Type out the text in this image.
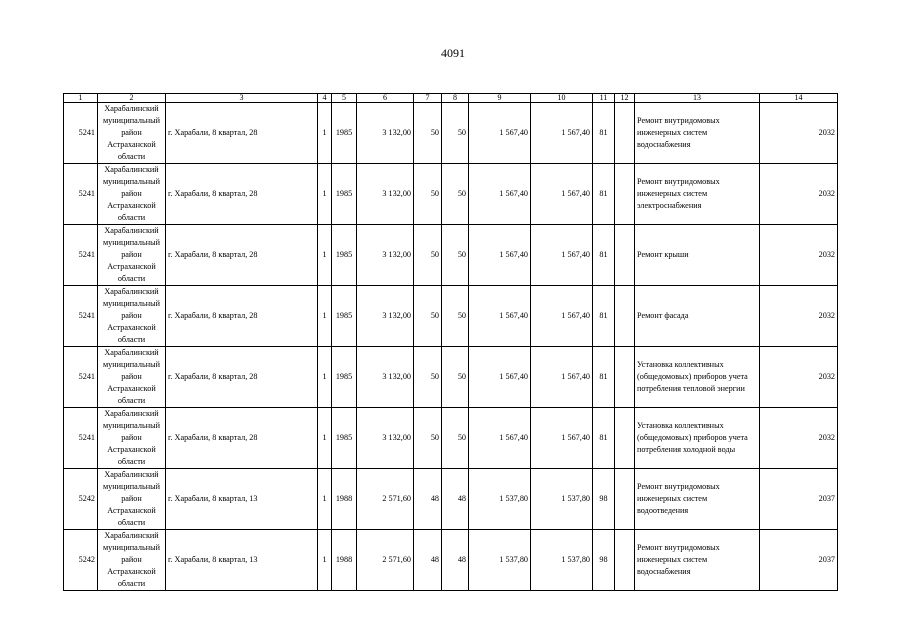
4091
1	2	3	4	5	6	7	8	9	10	11	12	13	14
5241	Харабалинский муниципальный район Астраханской области	г. Харабали, 8 квартал, 28	1	1985	3 132,00	50	50	1 567,40	1 567,40	81		Ремонт внутридомовых инженерных систем водоснабжения	2032
5241	Харабалинский муниципальный район Астраханской области	г. Харабали, 8 квартал, 28	1	1985	3 132,00	50	50	1 567,40	1 567,40	81		Ремонт внутридомовых инженерных систем электроснабжения	2032
5241	Харабалинский муниципальный район Астраханской области	г. Харабали, 8 квартал, 28	1	1985	3 132,00	50	50	1 567,40	1 567,40	81		Ремонт крыши	2032
5241	Харабалинский муниципальный район Астраханской области	г. Харабали, 8 квартал, 28	1	1985	3 132,00	50	50	1 567,40	1 567,40	81		Ремонт фасада	2032
5241	Харабалинский муниципальный район Астраханской области	г. Харабали, 8 квартал, 28	1	1985	3 132,00	50	50	1 567,40	1 567,40	81		Установка коллективных (общедомовых) приборов учета потребления тепловой энергии	2032
5241	Харабалинский муниципальный район Астраханской области	г. Харабали, 8 квартал, 28	1	1985	3 132,00	50	50	1 567,40	1 567,40	81		Установка коллективных (общедомовых) приборов учета потребления холодной воды	2032
5242	Харабалинский муниципальный район Астраханской области	г. Харабали, 8 квартал, 13	1	1988	2 571,60	48	48	1 537,80	1 537,80	98		Ремонт внутридомовых инженерных систем водоотведения	2037
5242	Харабалинский муниципальный район Астраханской области	г. Харабали, 8 квартал, 13	1	1988	2 571,60	48	48	1 537,80	1 537,80	98		Ремонт внутридомовых инженерных систем водоснабжения	2037
